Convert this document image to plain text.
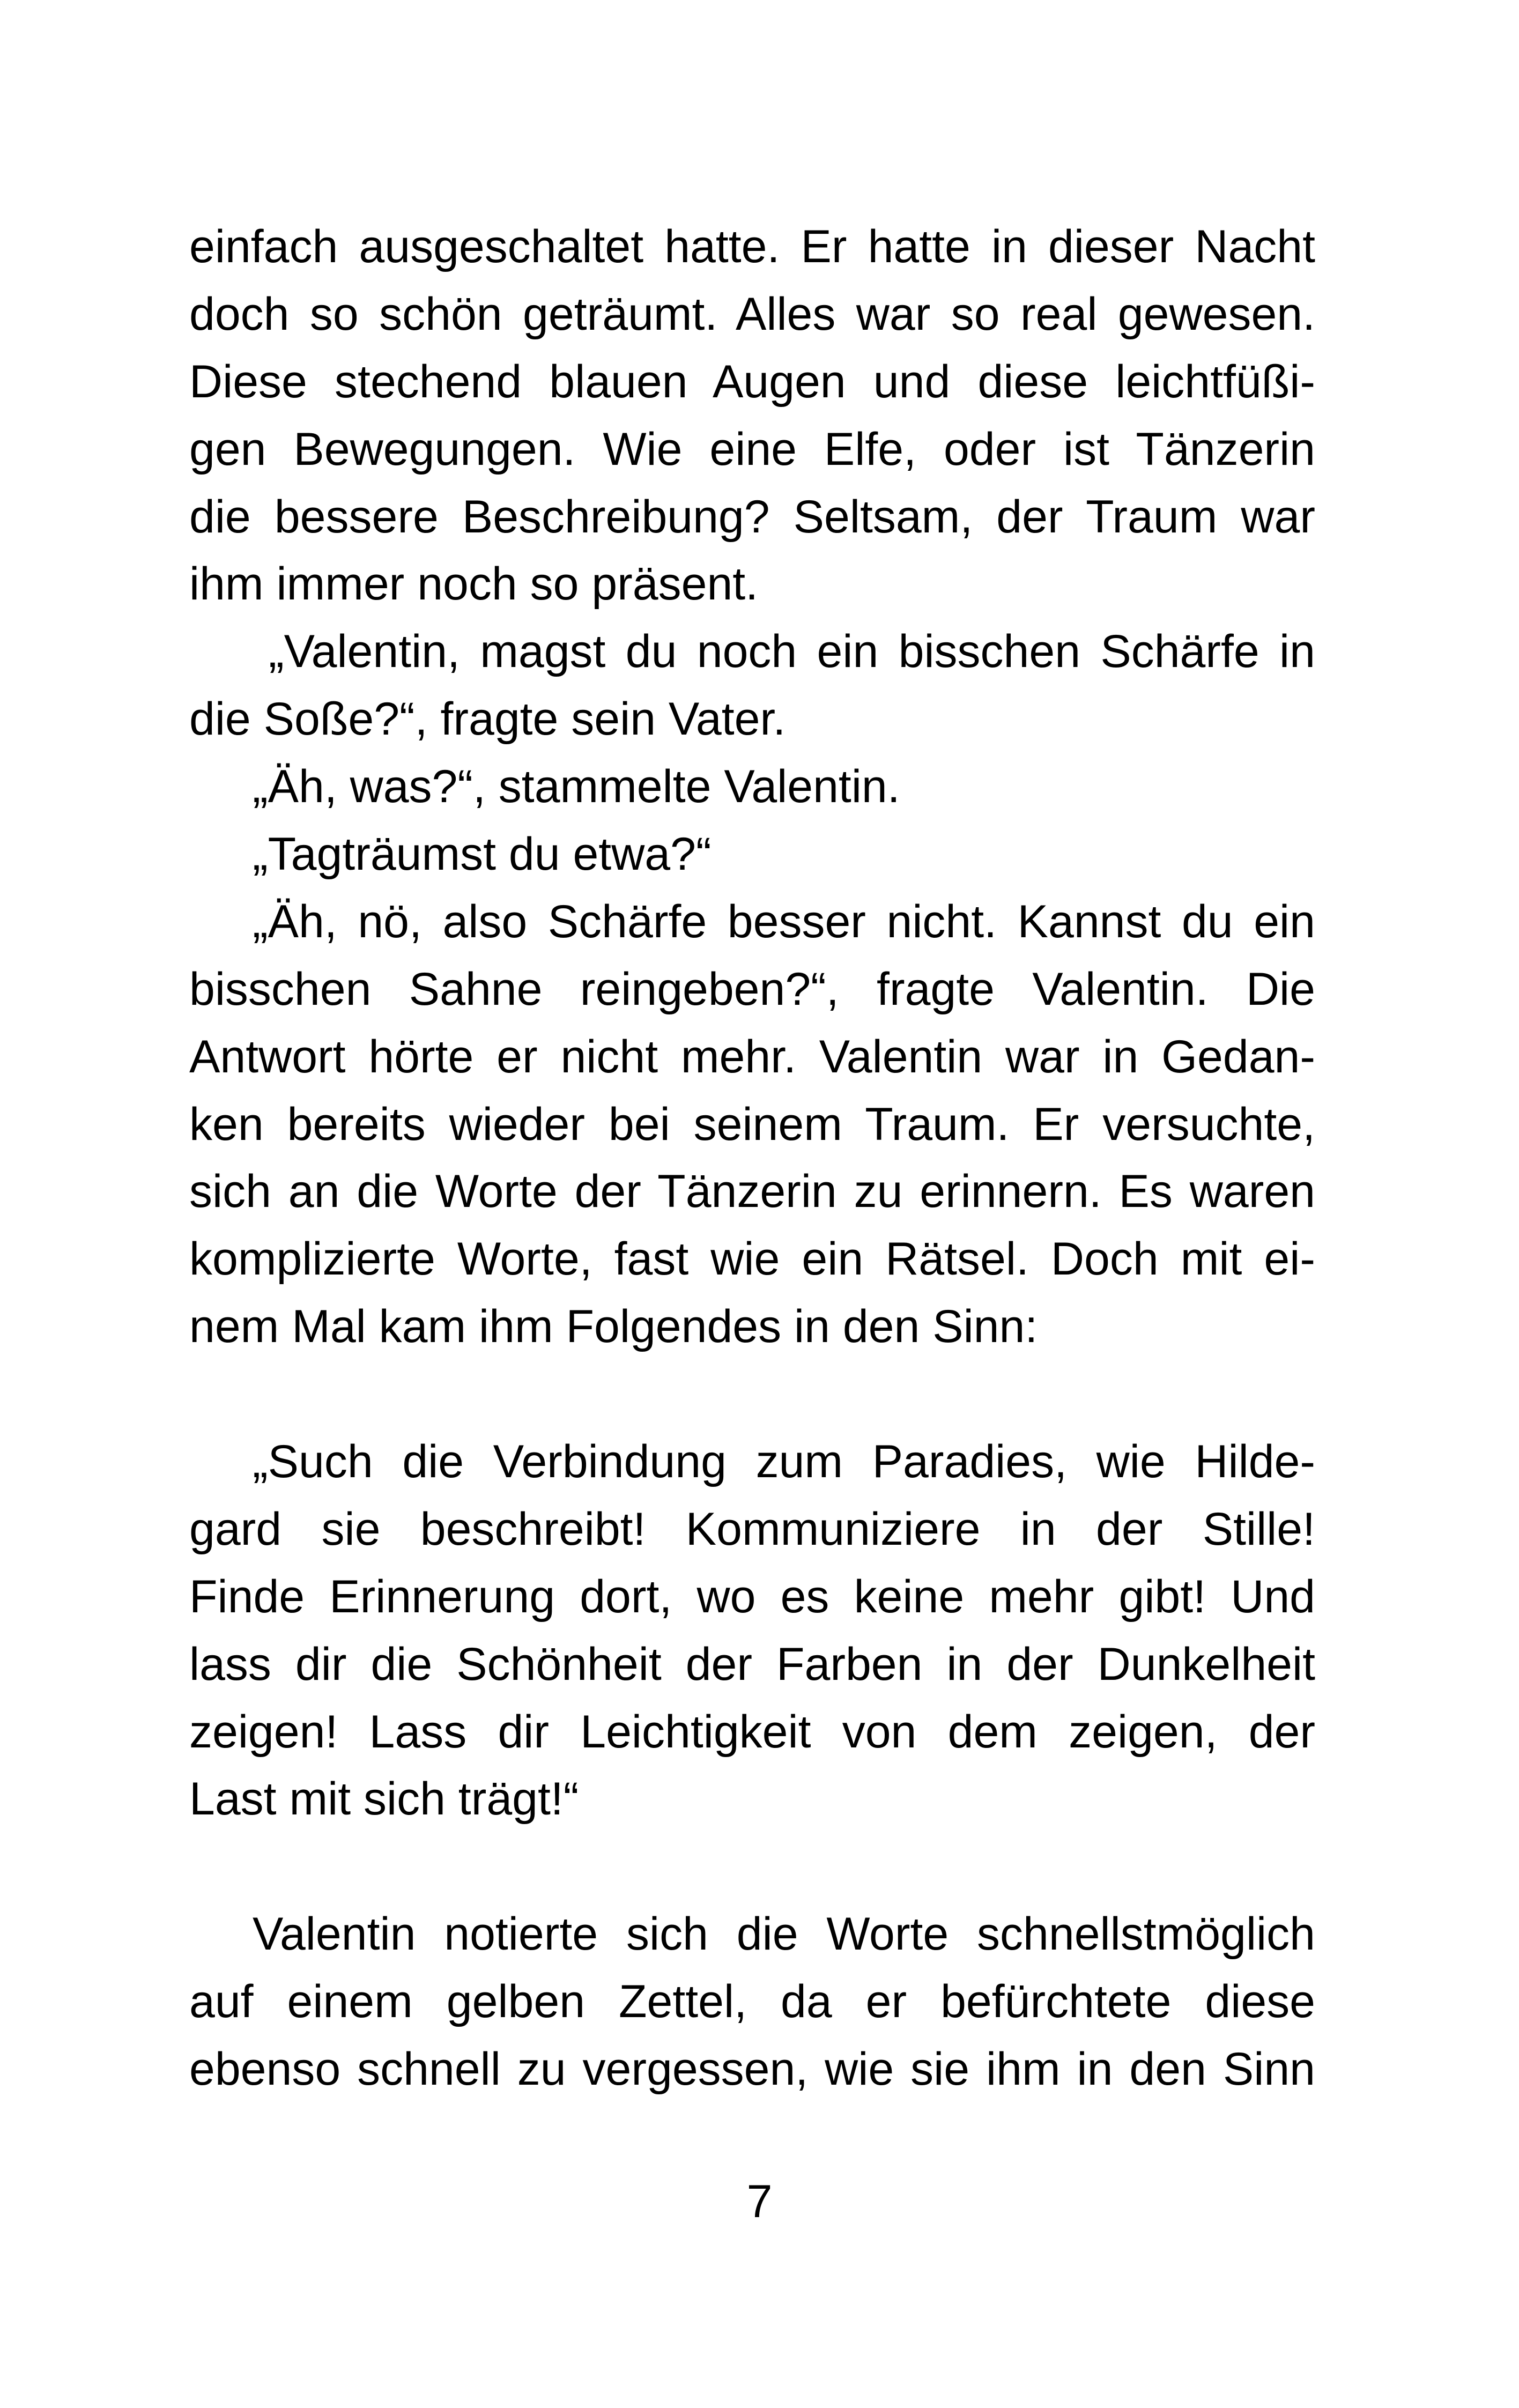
einfach ausgeschaltet hatte. Er hatte in dieser Nacht

doch so schön geträumt. Alles war so real gewesen.

Diese stechend blauen Augen und diese leichtfüßi-

gen Bewegungen. Wie eine Elfe, oder ist Tänzerin

die bessere Beschreibung? Seltsam, der Traum war

ihm immer noch so präsent.

„Valentin, magst du noch ein bisschen Schärfe in

die Soße?“, fragte sein Vater.

„Äh, was?“, stammelte Valentin.

„Tagträumst du etwa?“

„Äh, nö, also Schärfe besser nicht. Kannst du ein

bisschen Sahne reingeben?“, fragte Valentin. Die

Antwort hörte er nicht mehr. Valentin war in Gedan-

ken bereits wieder bei seinem Traum. Er versuchte,

sich an die Worte der Tänzerin zu erinnern. Es waren

komplizierte Worte, fast wie ein Rätsel. Doch mit ei-

nem Mal kam ihm Folgendes in den Sinn:

„Such die Verbindung zum Paradies, wie Hilde-

gard sie beschreibt! Kommuniziere in der Stille!

Finde Erinnerung dort, wo es keine mehr gibt! Und

lass dir die Schönheit der Farben in der Dunkelheit

zeigen! Lass dir Leichtigkeit von dem zeigen, der

Last mit sich trägt!“

Valentin notierte sich die Worte schnellstmöglich

auf einem gelben Zettel, da er befürchtete diese

ebenso schnell zu vergessen, wie sie ihm in den Sinn

7
